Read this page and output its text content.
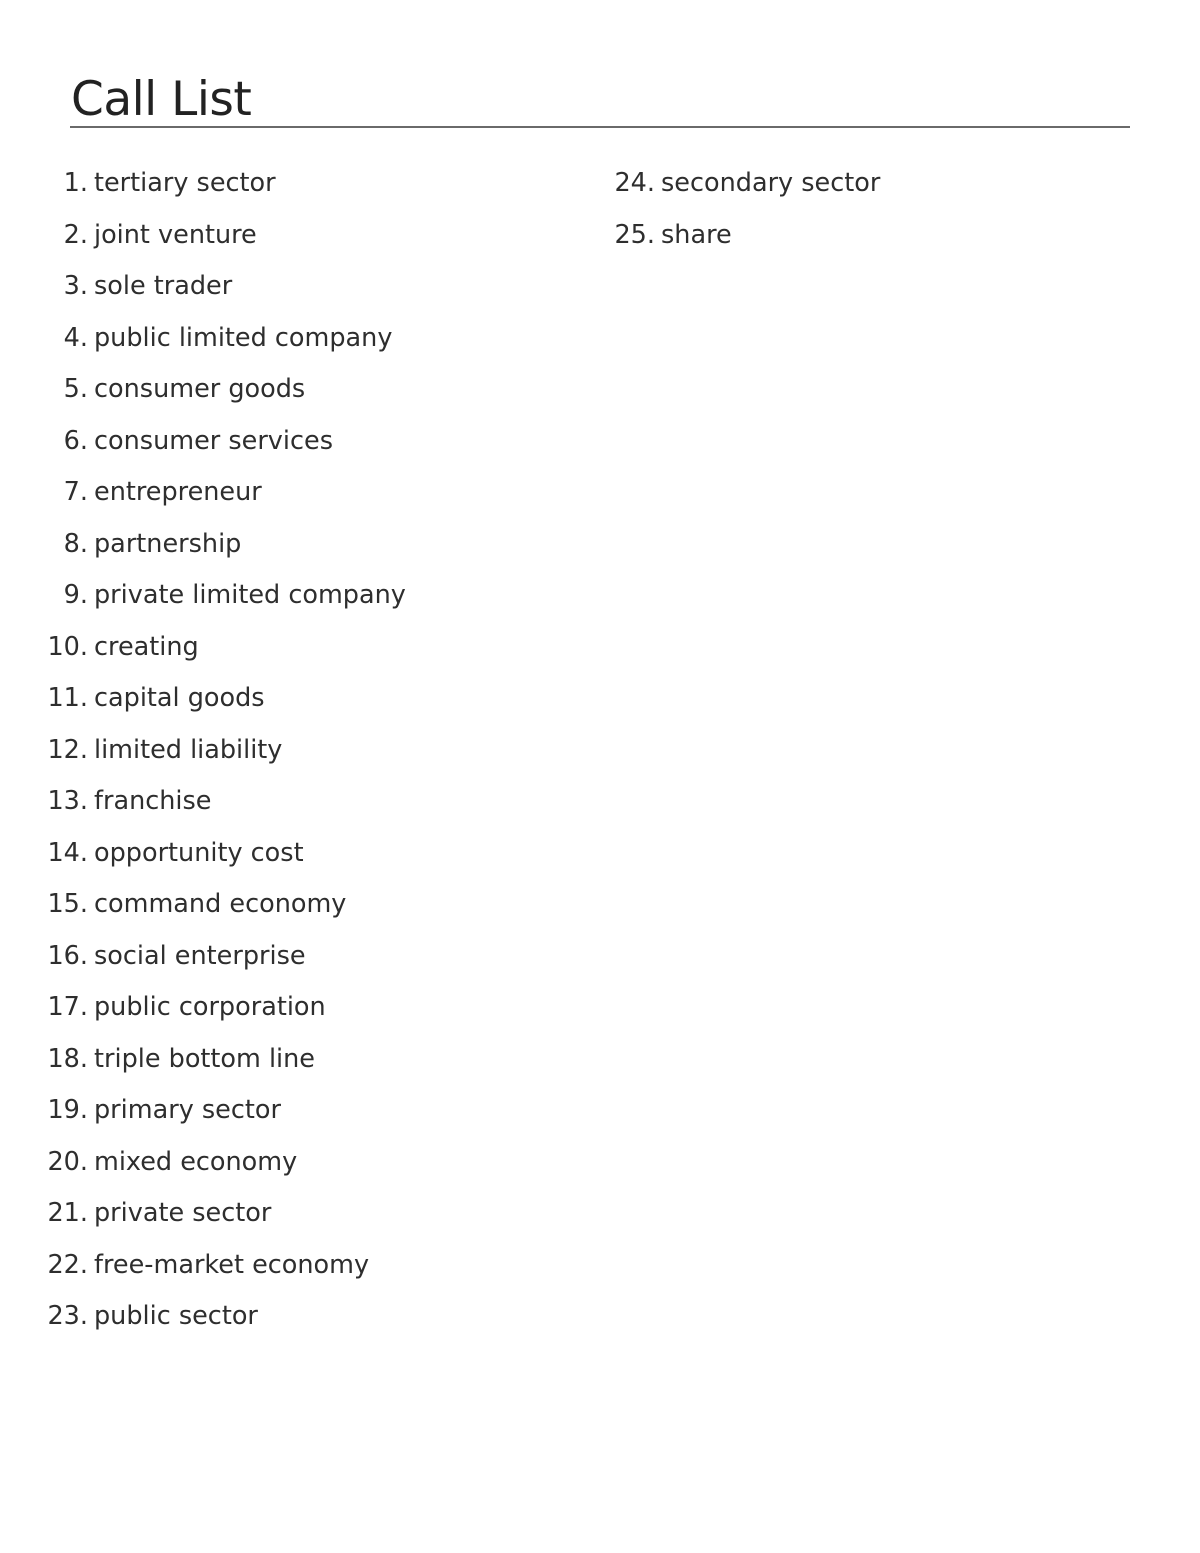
Call List
1. tertiary sector
2. joint venture
3. sole trader
4. public limited company
5. consumer goods
6. consumer services
7. entrepreneur
8. partnership
9. private limited company
10. creating
11. capital goods
12. limited liability
13. franchise
14. opportunity cost
15. command economy
16. social enterprise
17. public corporation
18. triple bottom line
19. primary sector
20. mixed economy
21. private sector
22. free-market economy
23. public sector
24. secondary sector
25. share
